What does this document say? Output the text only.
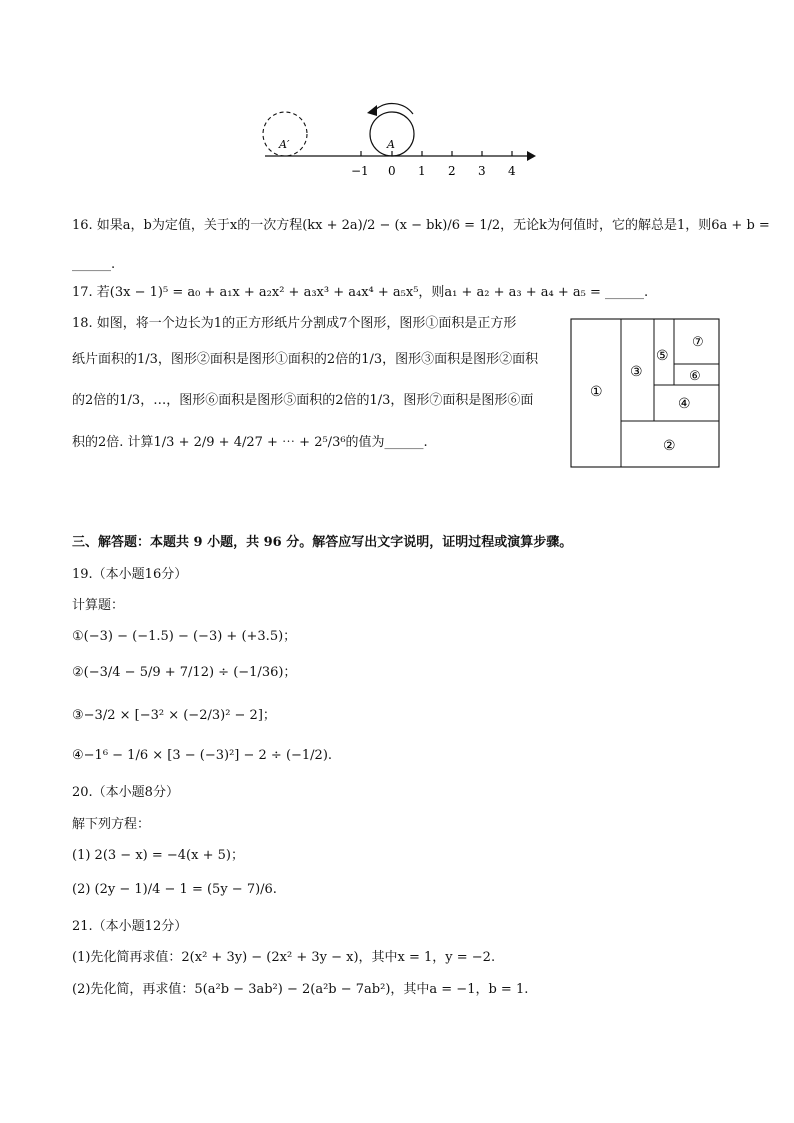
A′	A
−1 0 1 2 3 4
16. 如果a，b为定值，关于x的一次方程(kx + 2a)/2 − (x − bk)/6 = 1/2，无论k为何值时，它的解总是1，则6a + b =
______.
17. 若(3x − 1)⁵ = a₀ + a₁x + a₂x² + a₃x³ + a₄x⁴ + a₅x⁵，则a₁ + a₂ + a₃ + a₄ + a₅ = ______.
18. 如图，将一个边长为1的正方形纸片分割成7个图形，图形①面积是正方形
纸片面积的1/3，图形②面积是图形①面积的2倍的1/3，图形③面积是图形②面积
的2倍的1/3，…，图形⑥面积是图形⑤面积的2倍的1/3，图形⑦面积是图形⑥面
积的2倍. 计算1/3 + 2/9 + 4/27 + ⋯ + 2⁵/3⁶的值为______.
①
②
③
④
⑤
⑥
⑦
三、解答题：本题共 9 小题，共 96 分。解答应写出文字说明，证明过程或演算步骤。
19.（本小题16分）
计算题：
①(−3) − (−1.5) − (−3) + (+3.5)；
②(−3/4 − 5/9 + 7/12) ÷ (−1/36)；
③−3/2 × [−3² × (−2/3)² − 2]；
④−1⁶ − 1/6 × [3 − (−3)²] − 2 ÷ (−1/2).
20.（本小题8分）
解下列方程：
(1) 2(3 − x) = −4(x + 5)；
(2) (2y − 1)/4 − 1 = (5y − 7)/6.
21.（本小题12分）
(1)先化简再求值：2(x² + 3y) − (2x² + 3y − x)，其中x = 1，y = −2.
(2)先化简，再求值：5(a²b − 3ab²) − 2(a²b − 7ab²)，其中a = −1，b = 1.
